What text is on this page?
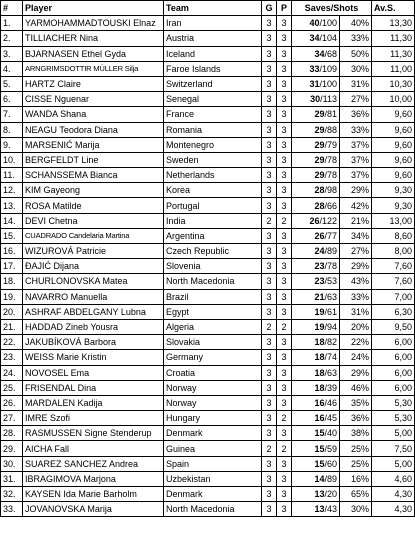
#	Player	Team	G	P	Saves/Shots		Av.S.
1.	YARMOHAMMADTOUSKI Elnaz	Iran	3	3	40/100	40%	13,30
2.	TILLIACHER Nina	Austria	3	3	34/104	33%	11,30
3.	BJARNASEN Ethel Gyda	Iceland	3	3	34/68	50%	11,30
4.	ARNGRIMSDOTTIR MÜLLER Silja	Faroe Islands	3	3	33/109	30%	11,00
5.	HARTZ Claire	Switzerland	3	3	31/100	31%	10,30
6.	CISSE Nguenar	Senegal	3	3	30/113	27%	10,00
7.	WANDA Shana	France	3	3	29/81	36%	9,60
8.	NEAGU Teodora Diana	Romania	3	3	29/88	33%	9,60
9.	MARSENIĆ Marija	Montenegro	3	3	29/79	37%	9,60
10.	BERGFELDT Line	Sweden	3	3	29/78	37%	9,60
11.	SCHANSSEMA Bianca	Netherlands	3	3	29/78	37%	9,60
12.	KIM Gayeong	Korea	3	3	28/98	29%	9,30
13.	ROSA Matilde	Portugal	3	3	28/66	42%	9,30
14.	DEVI Chetna	India	2	2	26/122	21%	13,00
15.	CUADRADO Candelaria Martina	Argentina	3	3	26/77	34%	8,60
16.	WIZUROVÁ Patricie	Czech Republic	3	3	24/89	27%	8,00
17.	ĐAJIĆ Dijana	Slovenia	3	3	23/78	29%	7,60
18.	CHURLONOVSKA Matea	North Macedonia	3	3	23/53	43%	7,60
19.	NAVARRO Manuella	Brazil	3	3	21/63	33%	7,00
20.	ASHRAF ABDELGANY Lubna	Egypt	3	3	19/61	31%	6,30
21.	HADDAD Zineb Yousra	Algeria	2	2	19/94	20%	9,50
22.	JAKUBÍKOVÁ Barbora	Slovakia	3	3	18/82	22%	6,00
23.	WEISS Marie Kristin	Germany	3	3	18/74	24%	6,00
24.	NOVOSEL Ema	Croatia	3	3	18/63	29%	6,00
25.	FRISENDAL Dina	Norway	3	3	18/39	46%	6,00
26.	MARDALEN Kadija	Norway	3	3	16/46	35%	5,30
27.	IMRE Szofi	Hungary	3	2	16/45	36%	5,30
28.	RASMUSSEN Signe Stenderup	Denmark	3	3	15/40	38%	5,00
29.	AICHA Fall	Guinea	2	2	15/59	25%	7,50
30.	SUAREZ SANCHEZ Andrea	Spain	3	3	15/60	25%	5,00
31.	IBRAGIMOVA Marjona	Uzbekistan	3	3	14/89	16%	4,60
32.	KAYSEN Ida Marie Barholm	Denmark	3	3	13/20	65%	4,30
33.	JOVANOVSKA Marija	North Macedonia	3	3	13/43	30%	4,30
